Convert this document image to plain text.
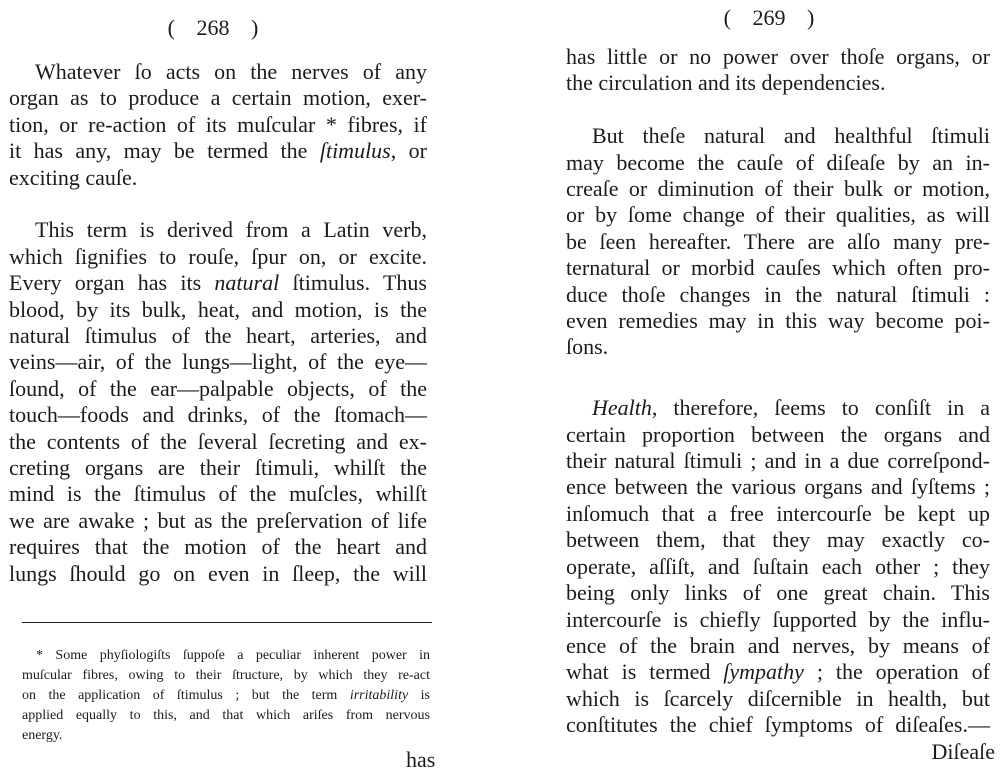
( 268 )
Whatever ſo acts on the nerves of any
organ as to produce a certain motion, exer-
tion, or re-action of its muſcular * fibres, if
it has any, may be termed the ſtimulus, or
exciting cauſe.
This term is derived from a Latin verb,
which ſignifies to rouſe, ſpur on, or excite.
Every organ has its natural ſtimulus. Thus
blood, by its bulk, heat, and motion, is the
natural ſtimulus of the heart, arteries, and
veins—air, of the lungs—light, of the eye—
ſound, of the ear—palpable objects, of the
touch—foods and drinks, of the ſtomach—
the contents of the ſeveral ſecreting and ex-
creting organs are their ſtimuli, whilſt the
mind is the ſtimulus of the muſcles, whilſt
we are awake ; but as the preſervation of life
requires that the motion of the heart and
lungs ſhould go on even in ſleep, the will
* Some phyſiologiſts ſuppoſe a peculiar inherent power in
muſcular fibres, owing to their ſtructure, by which they re-act
on the application of ſtimulus ; but the term irritability is
applied equally to this, and that which ariſes from nervous
energy.
has
( 269 )
has little or no power over thoſe organs, or
the circulation and its dependencies.
But theſe natural and healthful ſtimuli
may become the cauſe of diſeaſe by an in-
creaſe or diminution of their bulk or motion,
or by ſome change of their qualities, as will
be ſeen hereafter. There are alſo many pre-
ternatural or morbid cauſes which often pro-
duce thoſe changes in the natural ſtimuli :
even remedies may in this way become poi-
ſons.
Health, therefore, ſeems to conſiſt in a
certain proportion between the organs and
their natural ſtimuli ; and in a due correſpond-
ence between the various organs and ſyſtems ;
inſomuch that a free intercourſe be kept up
between them, that they may exactly co-
operate, aſſiſt, and ſuſtain each other ; they
being only links of one great chain. This
intercourſe is chiefly ſupported by the influ-
ence of the brain and nerves, by means of
what is termed ſympathy ; the operation of
which is ſcarcely diſcernible in health, but
conſtitutes the chief ſymptoms of diſeaſes.—
Diſeaſe
